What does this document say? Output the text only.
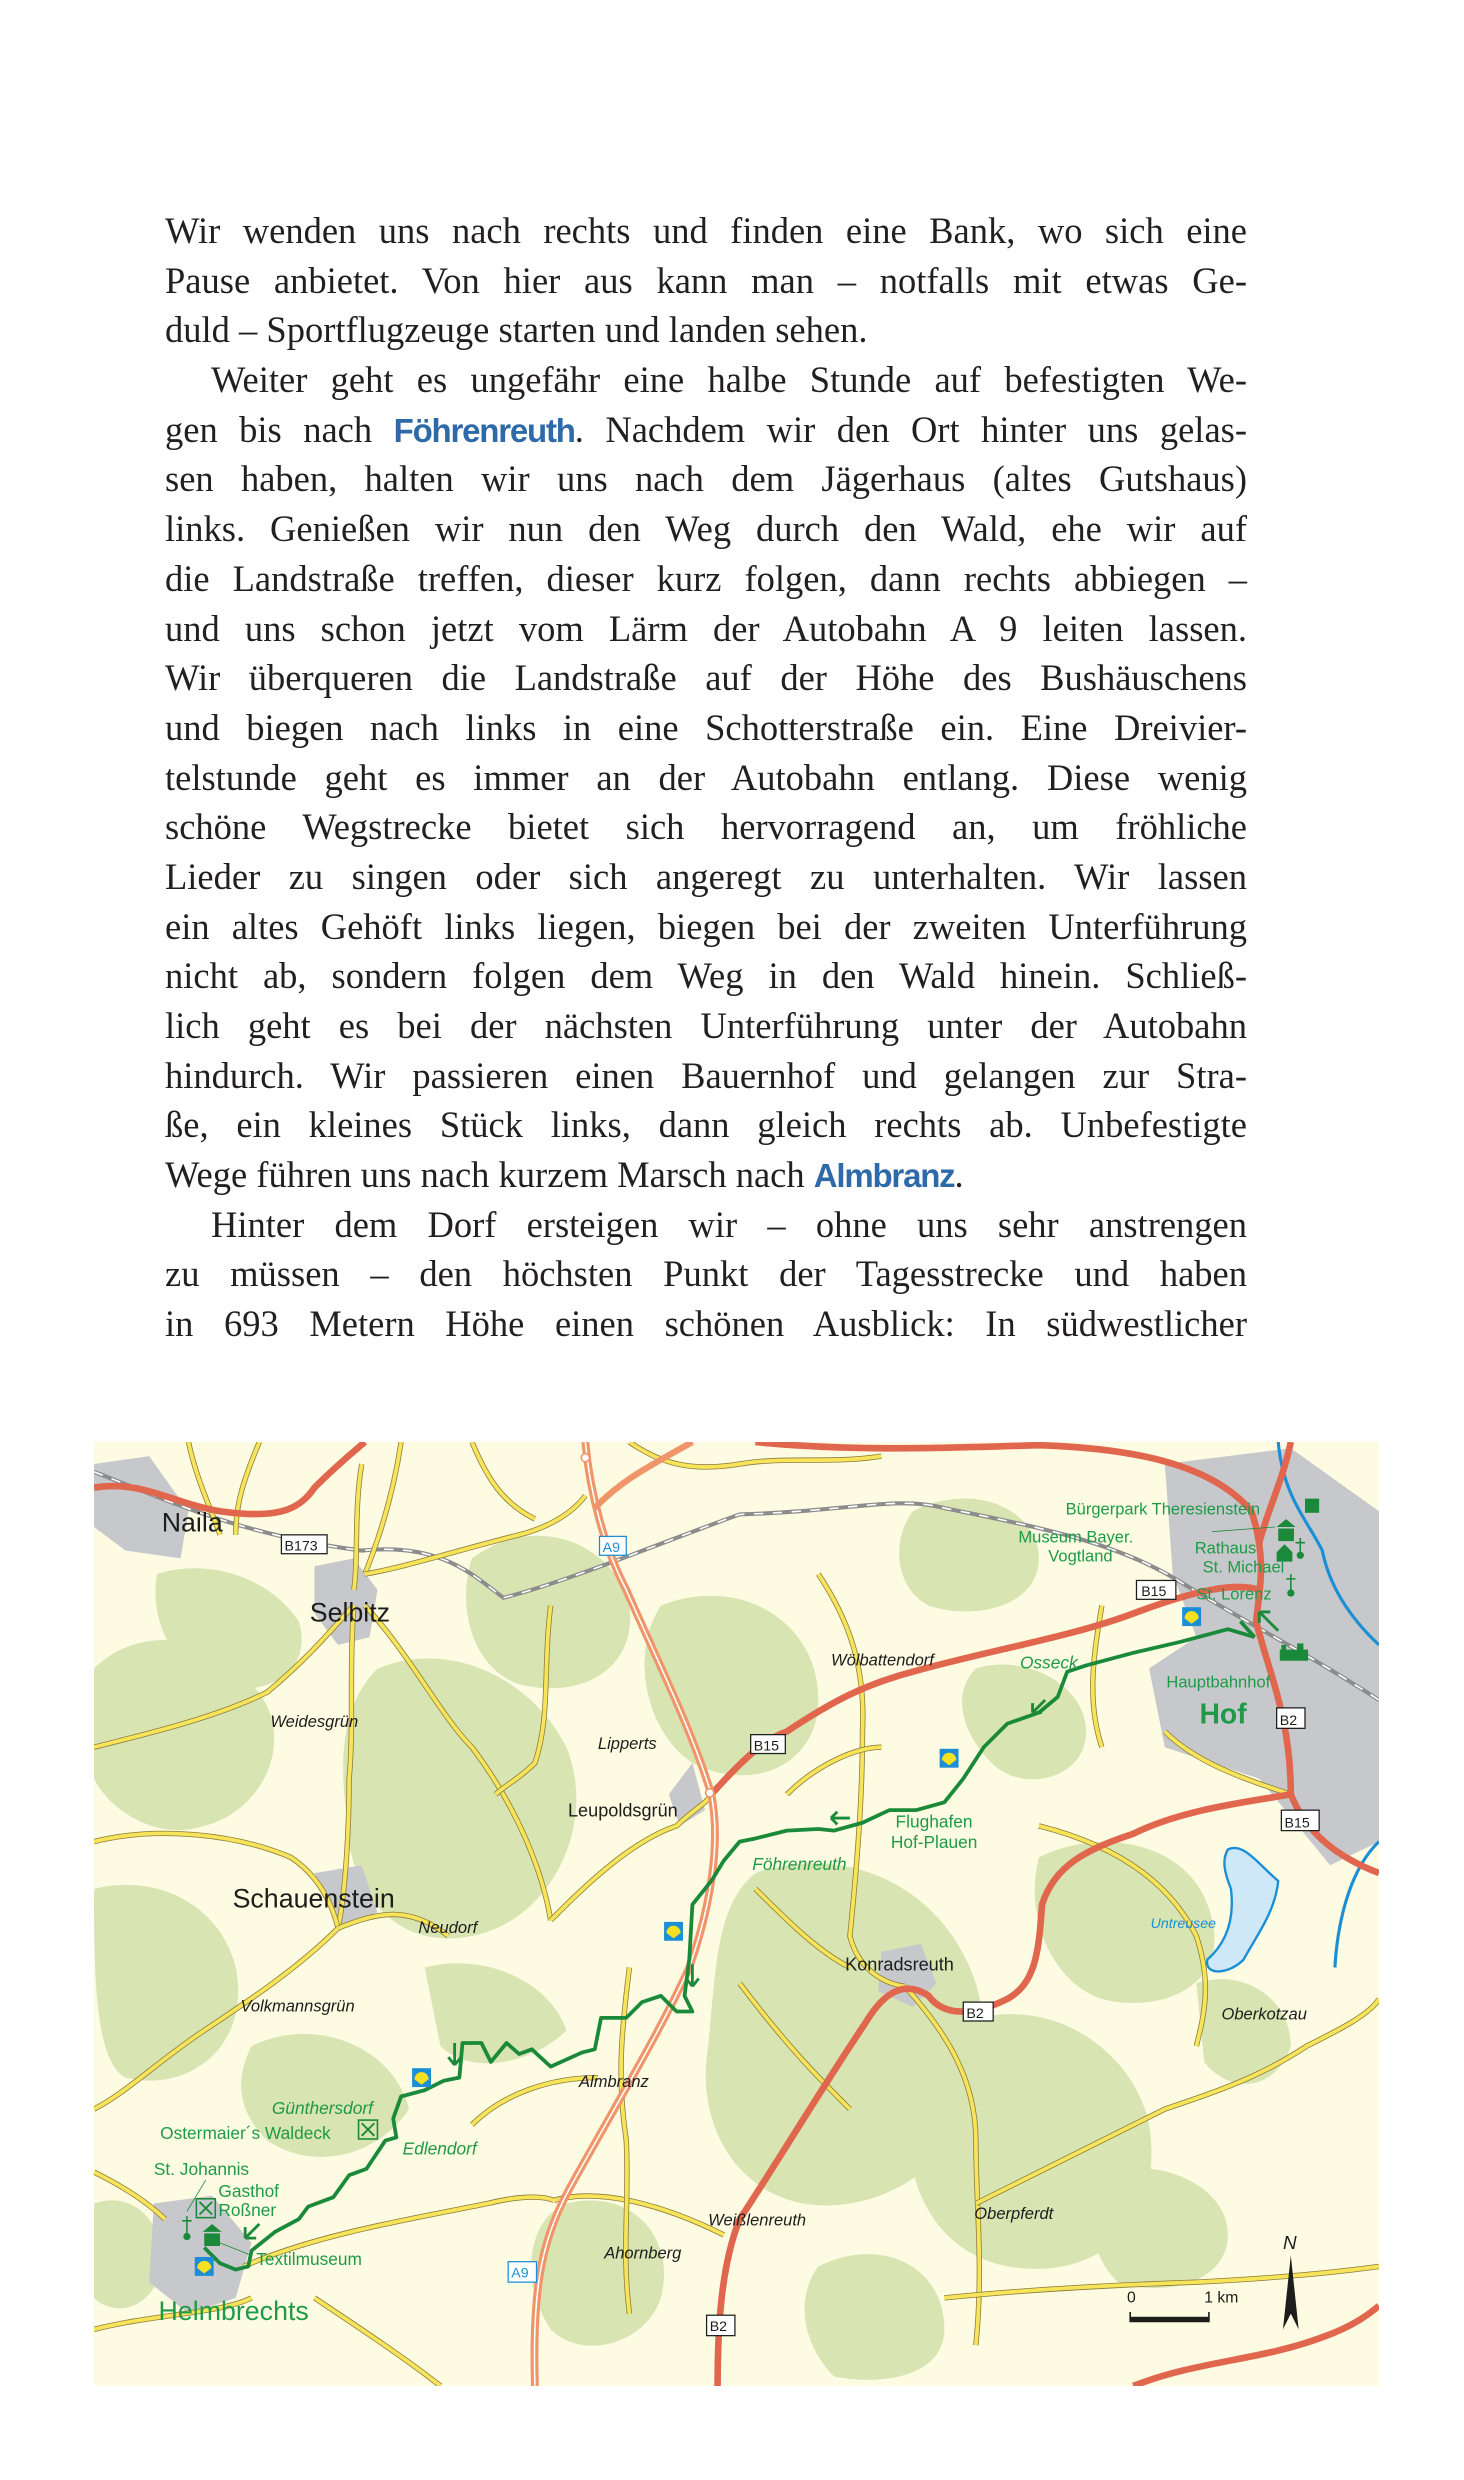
Wir wenden uns nach rechts und finden eine Bank, wo sich eine
Pause anbietet. Von hier aus kann man – notfalls mit etwas Ge-
duld – Sportflugzeuge starten und landen sehen.
Weiter geht es ungefähr eine halbe Stunde auf befestigten We-
gen bis nach Föhrenreuth. Nachdem wir den Ort hinter uns gelas-
sen haben, halten wir uns nach dem Jägerhaus (altes Gutshaus)
links. Genießen wir nun den Weg durch den Wald, ehe wir auf
die Landstraße treffen, dieser kurz folgen, dann rechts abbiegen –
und uns schon jetzt vom Lärm der Autobahn A 9 leiten lassen.
Wir überqueren die Landstraße auf der Höhe des Bushäuschens
und biegen nach links in eine Schotterstraße ein. Eine Dreivier-
telstunde geht es immer an der Autobahn entlang. Diese wenig
schöne Wegstrecke bietet sich hervorragend an, um fröhliche
Lieder zu singen oder sich angeregt zu unterhalten. Wir lassen
ein altes Gehöft links liegen, biegen bei der zweiten Unterführung
nicht ab, sondern folgen dem Weg in den Wald hinein. Schließ-
lich geht es bei der nächsten Unterführung unter der Autobahn
hindurch. Wir passieren einen Bauernhof und gelangen zur Stra-
ße, ein kleines Stück links, dann gleich rechts ab. Unbefestigte
Wege führen uns nach kurzem Marsch nach Almbranz.
Hinter dem Dorf ersteigen wir – ohne uns sehr anstrengen
zu müssen – den höchsten Punkt der Tagesstrecke und haben
in 693 Metern Höhe einen schönen Ausblick: In südwestlicher
B173	A9
B15
B15
B2
B15
B2
A9
B2
Naila
Selbitz
Schauenstein
Weidesgrün
Lipperts
Leupoldsgrün
Neudorf
Volkmannsgrün
Almbranz
Wölbattendorf
Konradsreuth
Oberkotzau
Weißlenreuth
Ahornberg
Oberpferdt
Untreusee
Hof
Helmbrechts
Föhrenreuth
Osseck
Flughafen
Hof-Plauen
Bürgerpark Theresienstein
Museum Bayer.
Vogtland	Rathaus
St. Michael
St. Lorenz
Hauptbahnhof
Günthersdorf
Ostermaier´s Waldeck
Edlendorf
St. Johannis
Gasthof
Roßner
Textilmuseum
0	1 km
N
